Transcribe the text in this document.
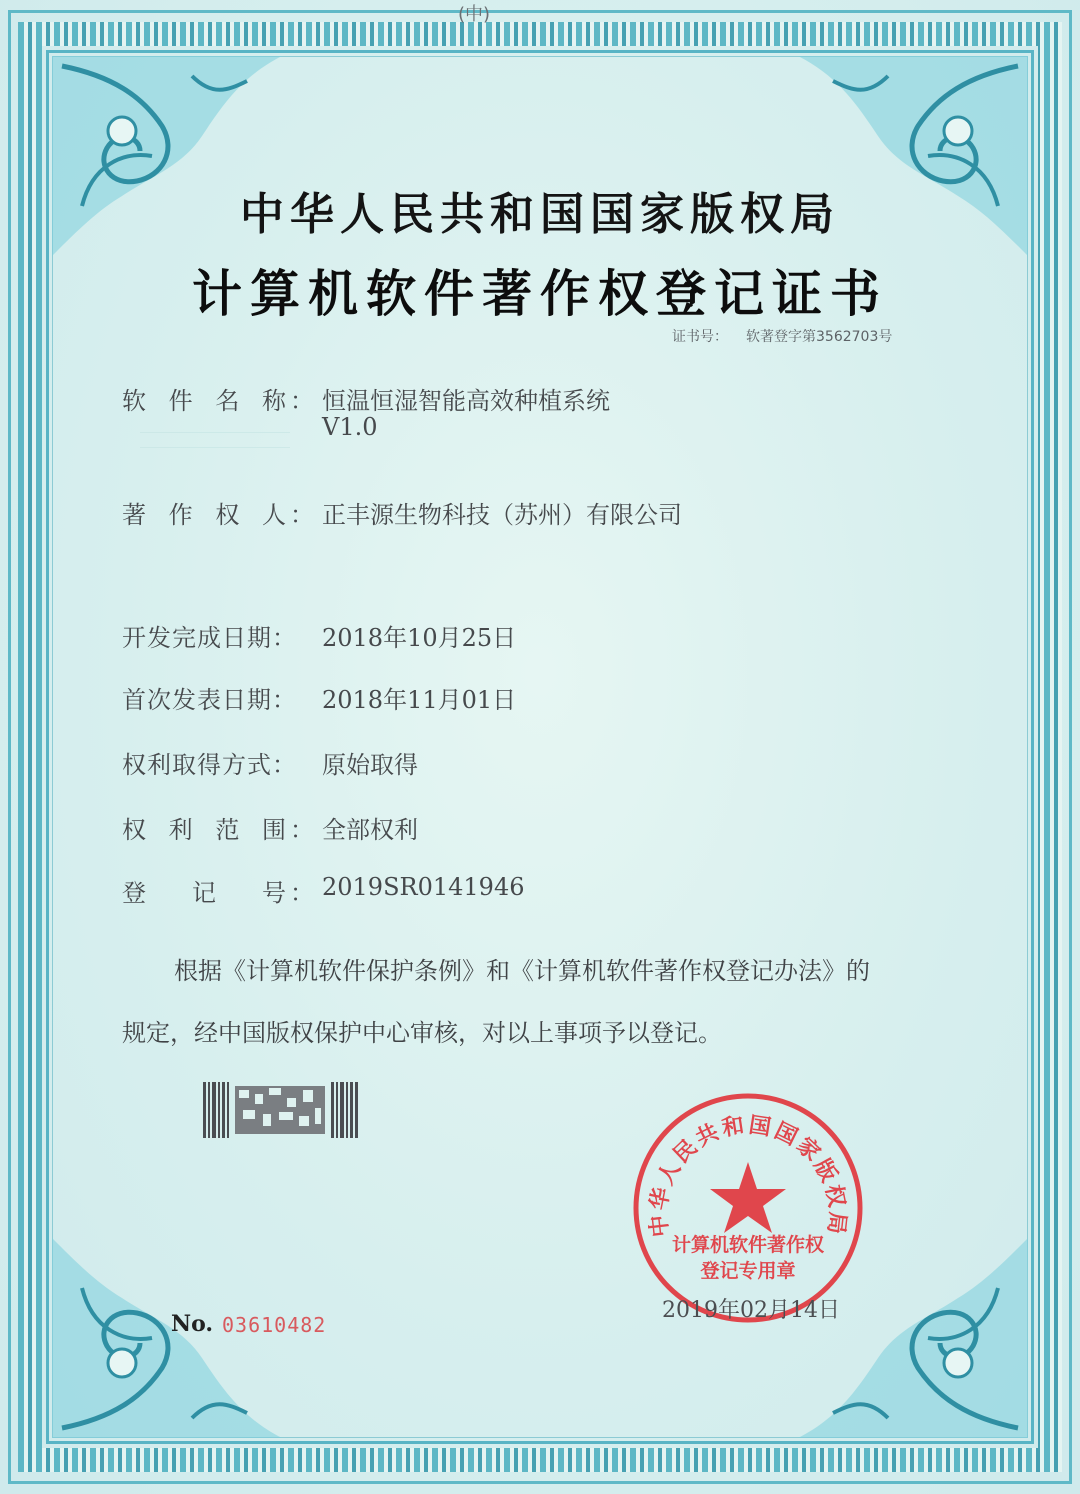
(中)
中华人民共和国国家版权局
计算机软件著作权登记证书
证书号： 软著登字第3562703号
软 件 名 称 ： 恒温恒湿智能高效种植系统
V1.0
著 作 权 人 ： 正丰源生物科技（苏州）有限公司
开发完成日期：	2018年10月25日
首次发表日期：	2018年11月01日
权利取得方式：	原始取得
权 利 范 围 ： 全部权利
登 记 号 ： 2019SR0141946
根据《计算机软件保护条例》和《计算机软件著作权登记办法》的
规定，经中国版权保护中心审核，对以上事项予以登记。
中华人民共和国国家版权局
计算机软件著作权
登记专用章
2019年02月14日
No. 03610482
